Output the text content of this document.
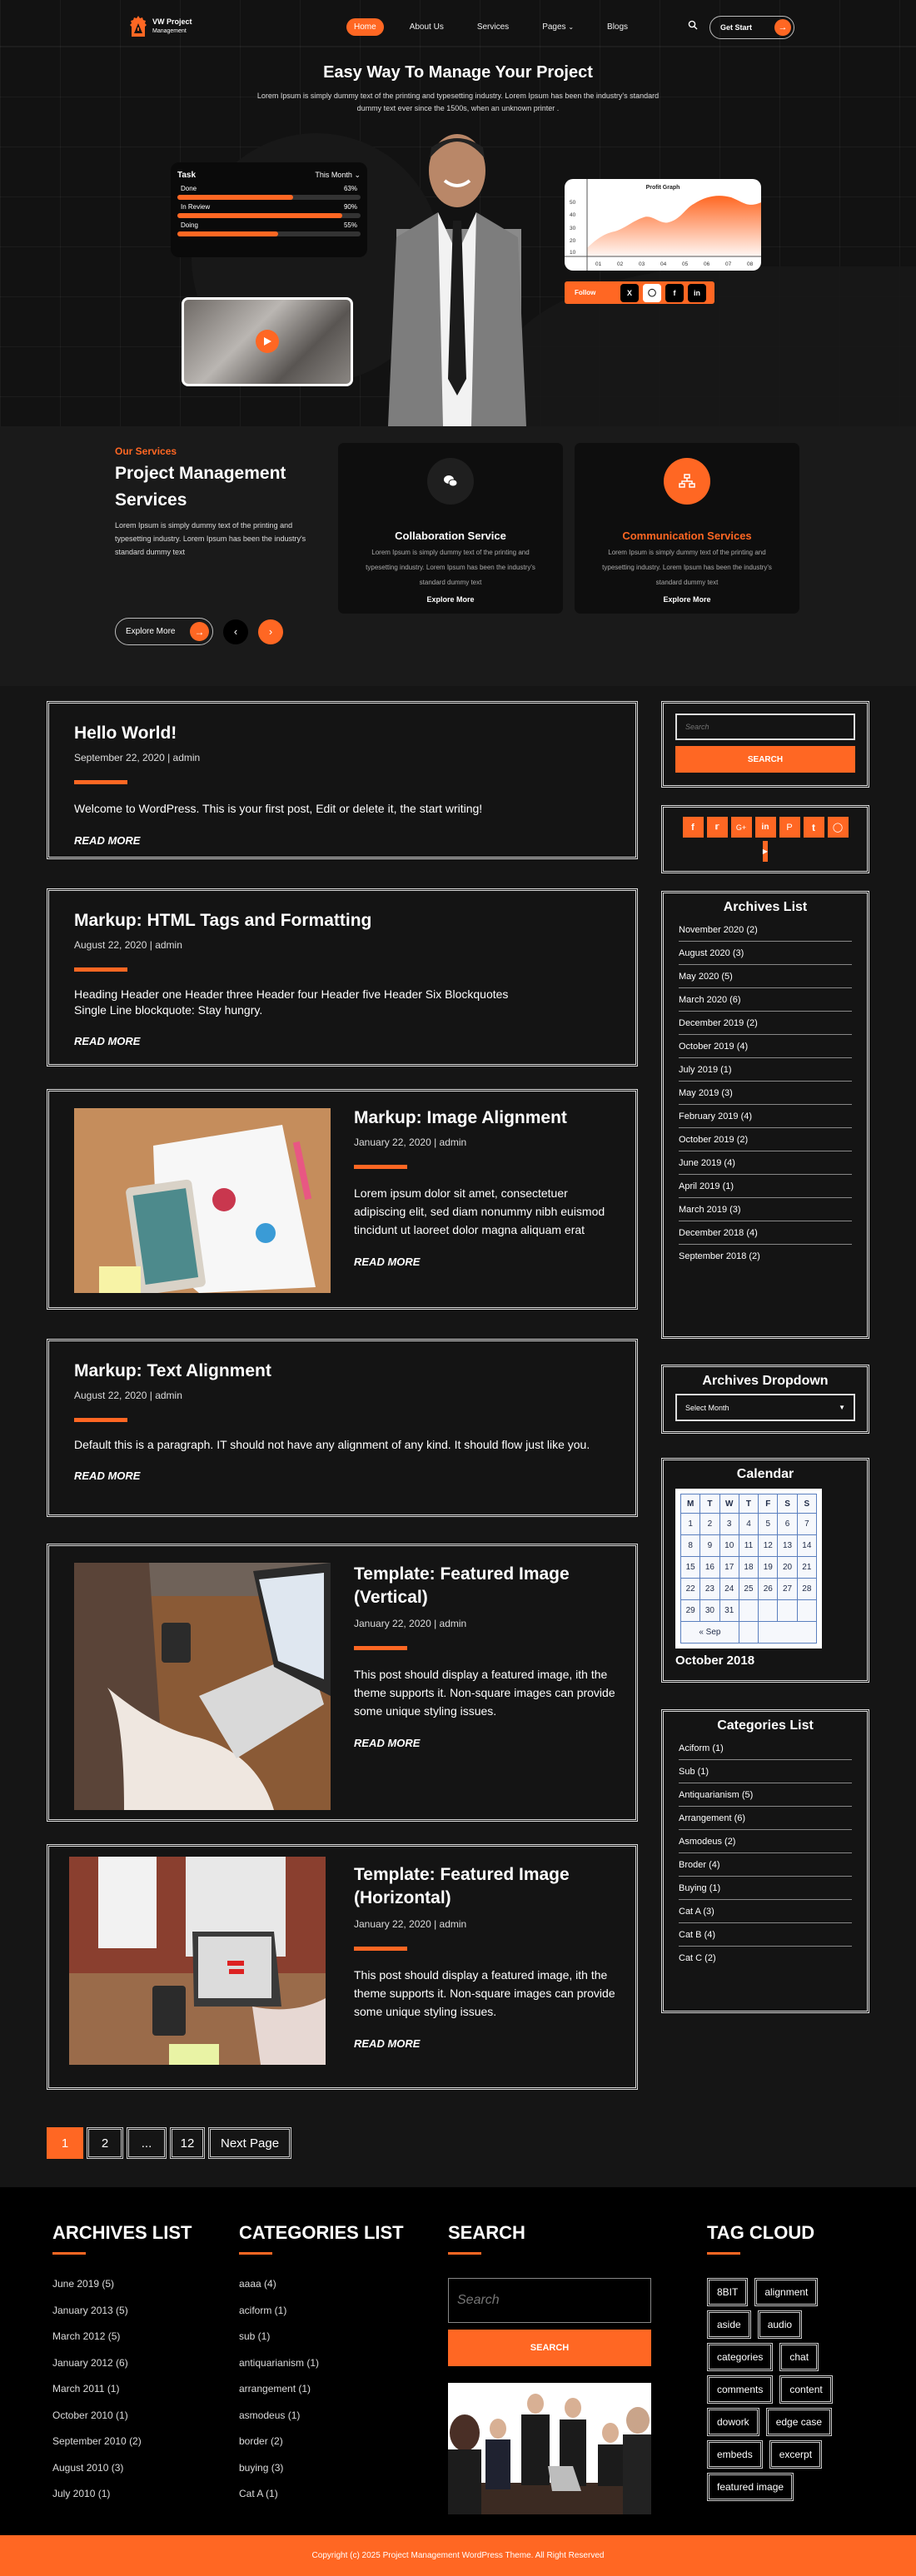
VW Project
Management	Home	About Us	Services	Pages ⌄	Blogs	Get Start	→
Easy Way To Manage Your Project

Lorem Ipsum is simply dummy text of the printing and typesetting industry. Lorem Ipsum has been the industry's standard dummy text ever since the 1500s, when an unknown printer .

Task	This Month ⌄
Done	63%
In Review	90%
Doing	55%
Profit Graph
50
40
30
20
10
01	02	03	04	05	06	07	08
Follow	X	◯	f	in
Our Services
Project Management
Services

Lorem Ipsum is simply dummy text of the printing and typesetting industry. Lorem Ipsum has been the industry's standard dummy text

Explore More	→	‹	›
Collaboration Service

Lorem Ipsum is simply dummy text of the printing and typesetting industry. Lorem Ipsum has been the industry's standard dummy text

Explore More
Communication Services

Lorem Ipsum is simply dummy text of the printing and typesetting industry. Lorem Ipsum has been the industry's standard dummy text

Explore More
Hello World!
September 22, 2020 | admin

Welcome to WordPress. This is your first post, Edit or delete it, the start writing!

READ MORE
Markup: HTML Tags and Formatting
August 22, 2020 | admin

Heading Header one Header three Header four Header five Header Six Blockquotes Single Line blockquote: Stay hungry.

READ MORE
Markup: Image Alignment
January 22, 2020 | admin

Lorem ipsum dolor sit amet, consectetuer adipiscing elit, sed diam nonummy nibh euismod tincidunt ut laoreet dolor magna aliquam erat

READ MORE
Markup: Text Alignment
August 22, 2020 | admin

Default this is a paragraph. IT should not have any alignment of any kind. It should flow just like you.

READ MORE
Template: Featured Image (Vertical)
January 22, 2020 | admin

This post should display a featured image, ith the theme supports it. Non-square images can provide some unique styling issues.

READ MORE
Template: Featured Image (Horizontal)
January 22, 2020 | admin

This post should display a featured image, ith the theme supports it. Non-square images can provide some unique styling issues.

READ MORE
1	2	...	12	Next Page
Search
SEARCH
f	𝕣	G+	in	P	t	◯
▶
Archives List
November 2020 (2)
August 2020 (3)
May 2020 (5)
March 2020 (6)
December 2019 (2)
October 2019 (4)
July 2019 (1)
May 2019 (3)
February 2019 (4)
October 2019 (2)
June 2019 (4)
April 2019 (1)
March 2019 (3)
December 2018 (4)
September 2018 (2)
Archives Dropdown
Select Month	▼
Calendar
M	T	W	T	F	S	S
1	2	3	4	5	6	7
8	9	10	11	12	13	14
15	16	17	18	19	20	21
22	23	24	25	26	27	28
29	30	31				
« Sep						
October 2018
Categories List
Aciform (1)
Sub (1)
Antiquarianism (5)
Arrangement (6)
Asmodeus (2)
Broder (4)
Buying (1)
Cat A (3)
Cat B (4)
Cat C (2)
ARCHIVES LIST
June 2019 (5)
January 2013 (5)
March 2012 (5)
January 2012 (6)
March 2011 (1)
October 2010 (1)
September 2010 (2)
August 2010 (3)
July 2010 (1)
CATEGORIES LIST
aaaa (4)
aciform (1)
sub (1)
antiquarianism (1)
arrangement (1)
asmodeus (1)
border (2)
buying (3)
Cat A (1)
SEARCH
Search
SEARCH
TAG CLOUD
8BIT	alignment
aside	audio
categories	chat
comments	content
dowork	edge case
embeds	excerpt
featured image
Copyright (c) 2025 Project Management WordPress Theme. All Right Reserved
